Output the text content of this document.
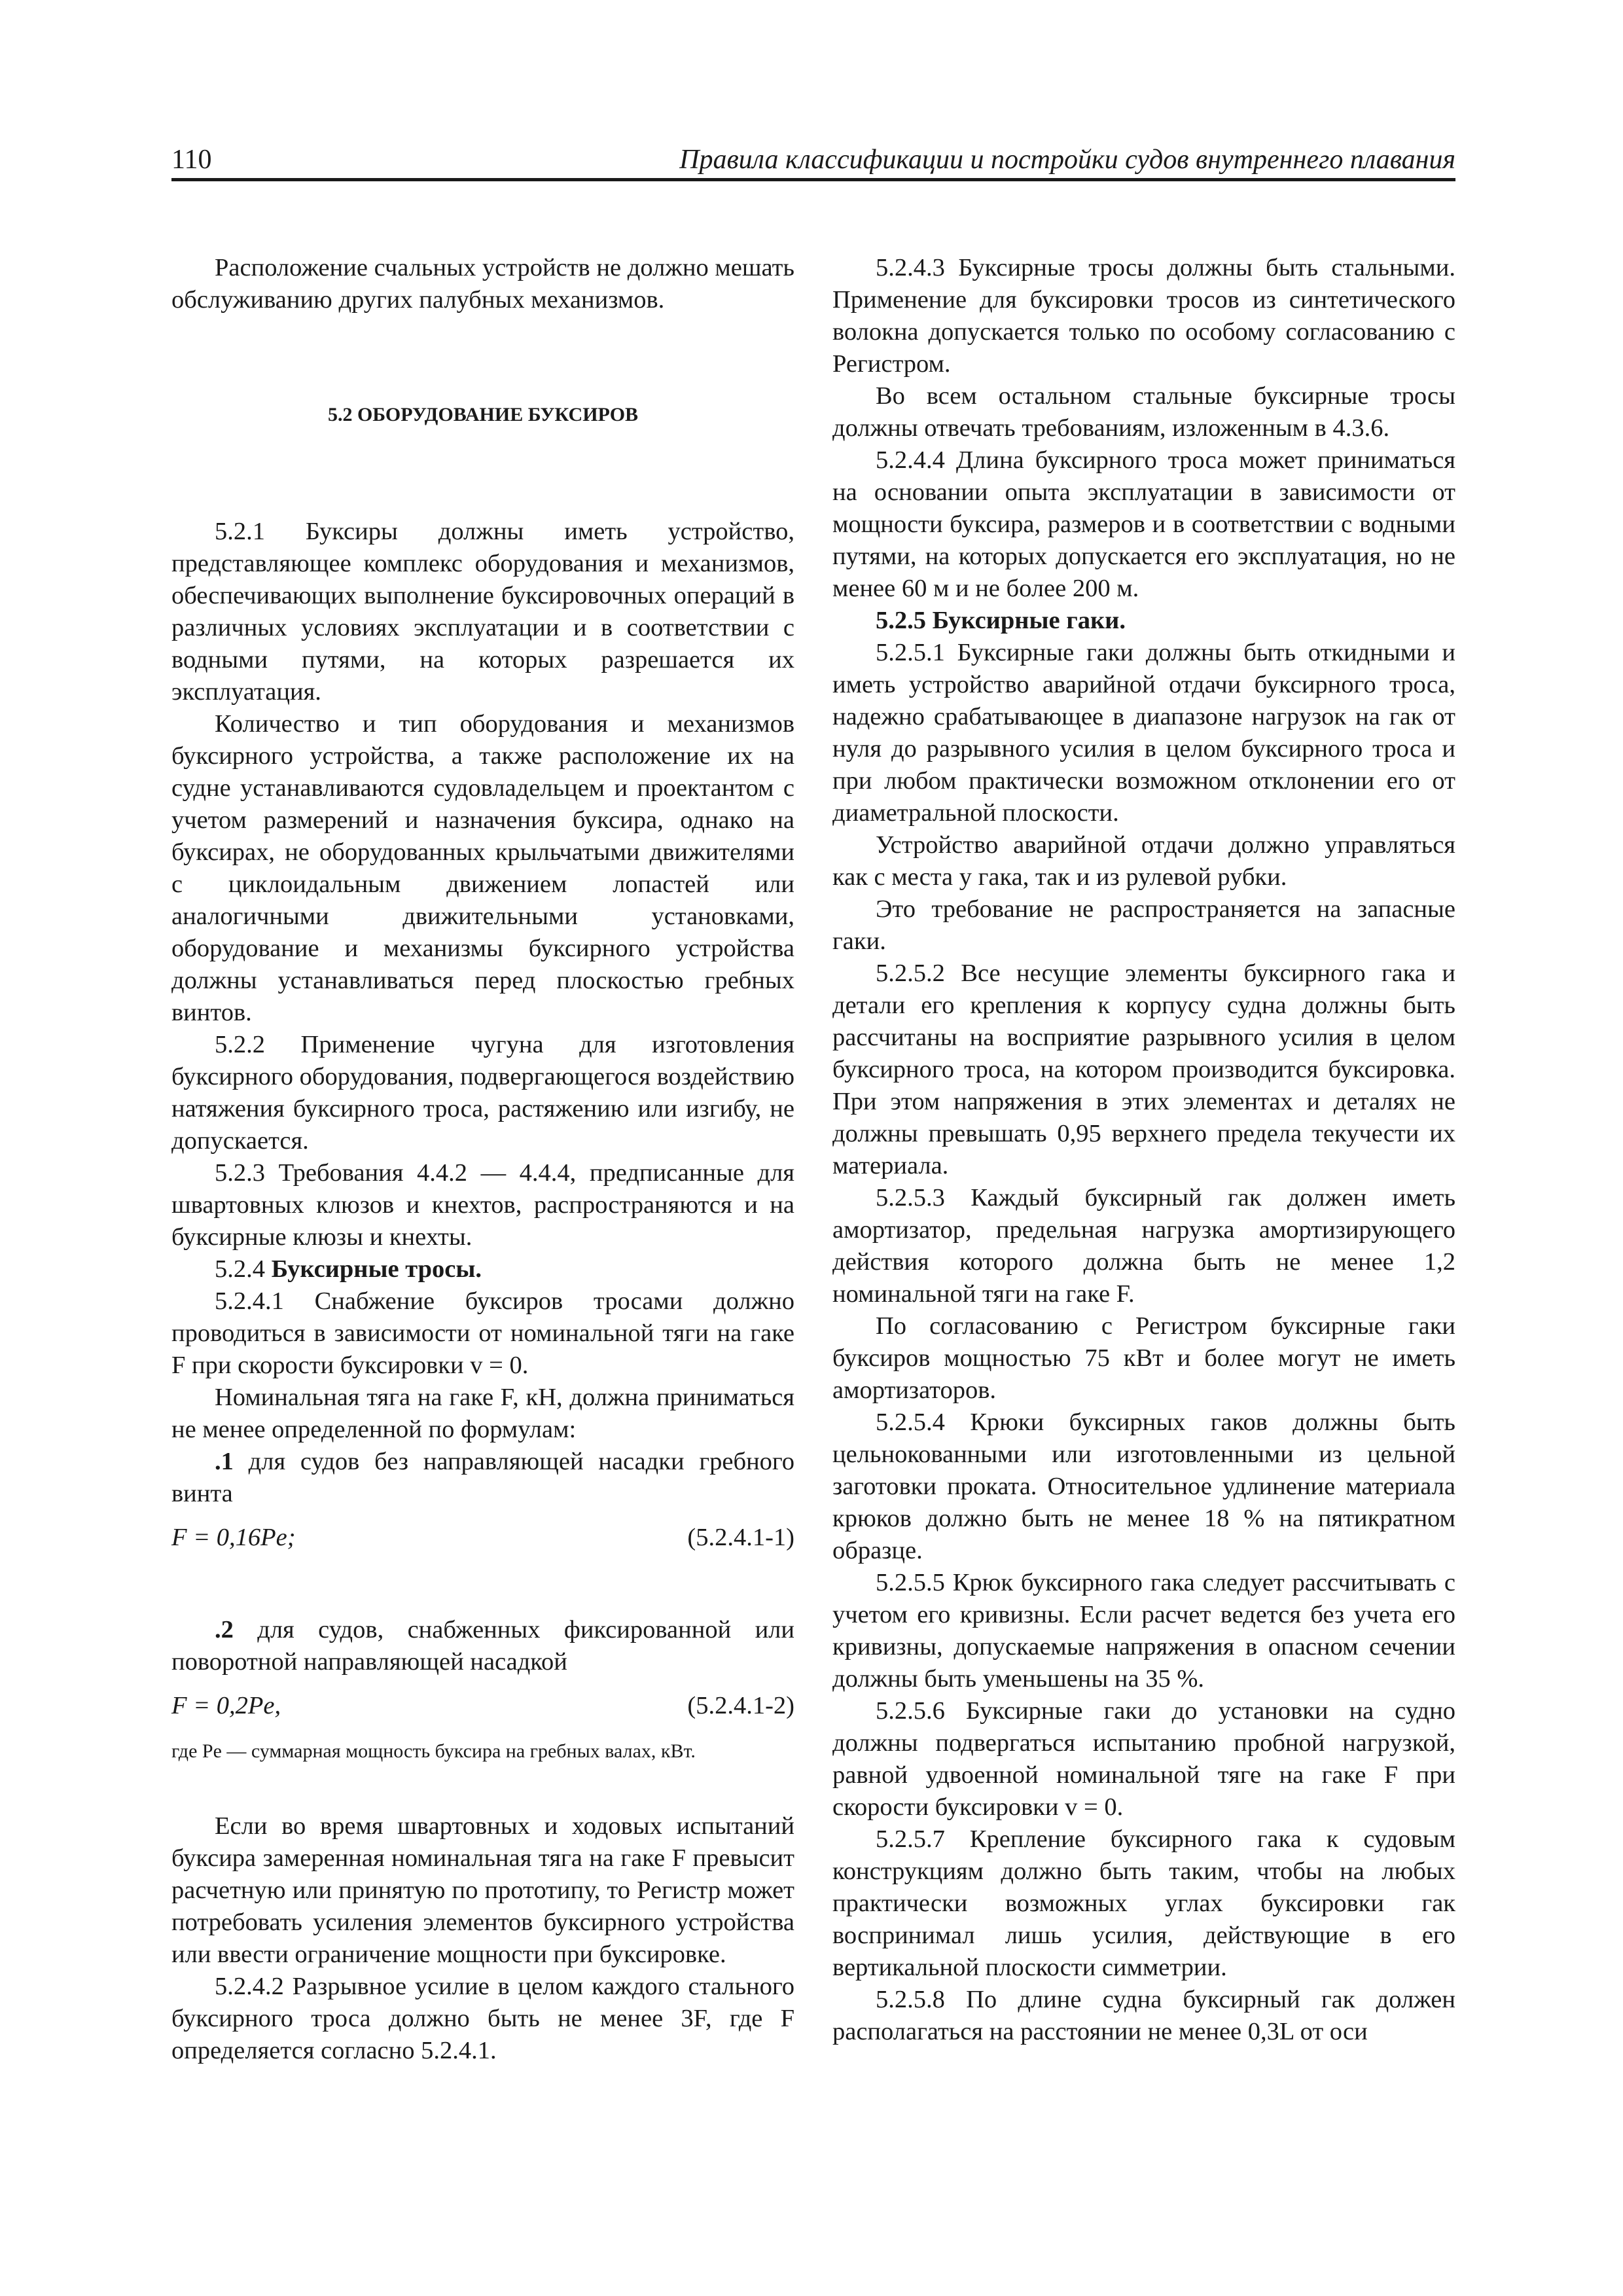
110	Правила классификации и постройки судов внутреннего плавания

Расположение счальных устройств не должно мешать обслуживанию других палубных механизмов.

5.2 ОБОРУДОВАНИЕ БУКСИРОВ

5.2.1 Буксиры должны иметь устройство, представляющее комплекс оборудования и механизмов, обеспечивающих выполнение буксировочных операций в различных условиях эксплуатации и в соответствии с водными путями, на которых разрешается их эксплуатация.

Количество и тип оборудования и механизмов буксирного устройства, а также расположение их на судне устанавливаются судовладельцем и проектантом с учетом размерений и назначения буксира, однако на буксирах, не оборудованных крыльчатыми движителями с циклоидальным движением лопастей или аналогичными движительными установками, оборудование и механизмы буксирного устройства должны устанавливаться перед плоскостью гребных винтов.

5.2.2 Применение чугуна для изготовления буксирного оборудования, подвергающегося воздействию натяжения буксирного троса, растяжению или изгибу, не допускается.

5.2.3 Требования 4.4.2 — 4.4.4, предписанные для швартовных клюзов и кнехтов, распространяются и на буксирные клюзы и кнехты.

5.2.4 Буксирные тросы.

5.2.4.1 Снабжение буксиров тросами должно проводиться в зависимости от номинальной тяги на гаке F при скорости буксировки v = 0.

Номинальная тяга на гаке F, кН, должна приниматься не менее определенной по формулам:

.1 для судов без направляющей насадки гребного винта

F = 0,16Pe;	(5.2.4.1-1)

.2 для судов, снабженных фиксированной или поворотной направляющей насадкой

F = 0,2Pe,	(5.2.4.1-2)

где Pe — суммарная мощность буксира на гребных валах, кВт.

Если во время швартовных и ходовых испытаний буксира замеренная номинальная тяга на гаке F превысит расчетную или принятую по прототипу, то Регистр может потребовать усиления элементов буксирного устройства или ввести ограничение мощности при буксировке.

5.2.4.2 Разрывное усилие в целом каждого стального буксирного троса должно быть не менее 3F, где F определяется согласно 5.2.4.1.

5.2.4.3 Буксирные тросы должны быть стальными. Применение для буксировки тросов из синтетического волокна допускается только по особому согласованию с Регистром.

Во всем остальном стальные буксирные тросы должны отвечать требованиям, изложенным в 4.3.6.

5.2.4.4 Длина буксирного троса может приниматься на основании опыта эксплуатации в зависимости от мощности буксира, размеров и в соответствии с водными путями, на которых допускается его эксплуатация, но не менее 60 м и не более 200 м.

5.2.5 Буксирные гаки.

5.2.5.1 Буксирные гаки должны быть откидными и иметь устройство аварийной отдачи буксирного троса, надежно срабатывающее в диапазоне нагрузок на гак от нуля до разрывного усилия в целом буксирного троса и при любом практически возможном отклонении его от диаметральной плоскости.

Устройство аварийной отдачи должно управляться как с места у гака, так и из рулевой рубки.

Это требование не распространяется на запасные гаки.

5.2.5.2 Все несущие элементы буксирного гака и детали его крепления к корпусу судна должны быть рассчитаны на восприятие разрывного усилия в целом буксирного троса, на котором производится буксировка. При этом напряжения в этих элементах и деталях не должны превышать 0,95 верхнего предела текучести их материала.

5.2.5.3 Каждый буксирный гак должен иметь амортизатор, предельная нагрузка амортизирующего действия которого должна быть не менее 1,2 номинальной тяги на гаке F.

По согласованию с Регистром буксирные гаки буксиров мощностью 75 кВт и более могут не иметь амортизаторов.

5.2.5.4 Крюки буксирных гаков должны быть цельнокованными или изготовленными из цельной заготовки проката. Относительное удлинение материала крюков должно быть не менее 18 % на пятикратном образце.

5.2.5.5 Крюк буксирного гака следует рассчитывать с учетом его кривизны. Если расчет ведется без учета его кривизны, допускаемые напряжения в опасном сечении должны быть уменьшены на 35 %.

5.2.5.6 Буксирные гаки до установки на судно должны подвергаться испытанию пробной нагрузкой, равной удвоенной номинальной тяге на гаке F при скорости буксировки v = 0.

5.2.5.7 Крепление буксирного гака к судовым конструкциям должно быть таким, чтобы на любых практически возможных углах буксировки гак воспринимал лишь усилия, действующие в его вертикальной плоскости симметрии.

5.2.5.8 По длине судна буксирный гак должен располагаться на расстоянии не менее 0,3L от оси
